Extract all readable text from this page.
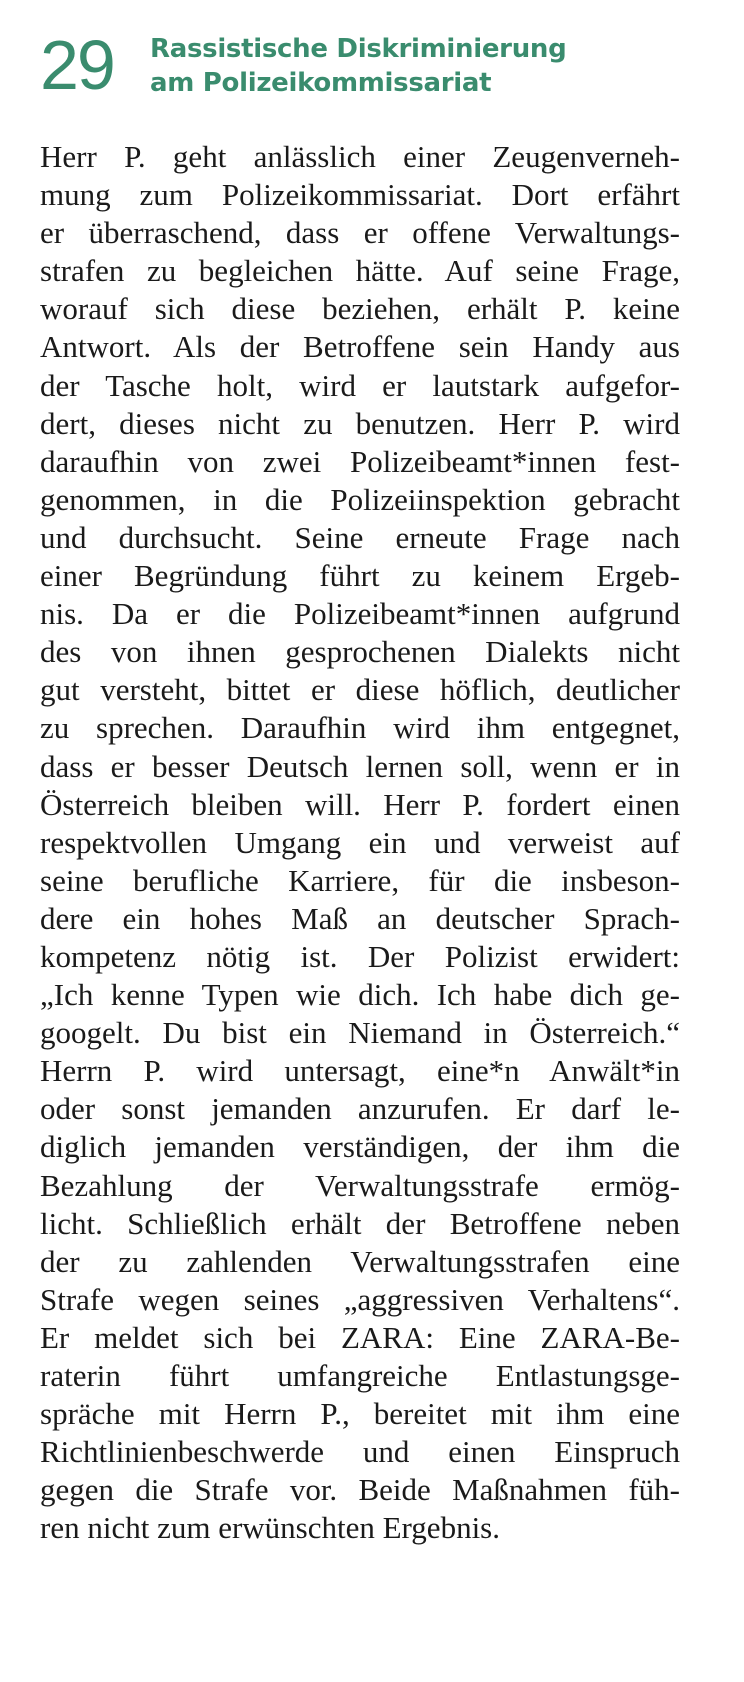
29	Rassistische Diskriminierung
am Polizeikommissariat
Herr P. geht anlässlich einer Zeugenverneh-
mung zum Polizeikommissariat. Dort erfährt
er überraschend, dass er offene Verwaltungs-
strafen zu begleichen hätte. Auf seine Frage,
worauf sich diese beziehen, erhält P. keine
Antwort. Als der Betroffene sein Handy aus
der Tasche holt, wird er lautstark aufgefor-
dert, dieses nicht zu benutzen. Herr P. wird
daraufhin von zwei Polizeibeamt*innen fest-
genommen, in die Polizeiinspektion gebracht
und durchsucht. Seine erneute Frage nach
einer Begründung führt zu keinem Ergeb-
nis. Da er die Polizeibeamt*innen aufgrund
des von ihnen gesprochenen Dialekts nicht
gut versteht, bittet er diese höflich, deutlicher
zu sprechen. Daraufhin wird ihm entgegnet,
dass er besser Deutsch lernen soll, wenn er in
Österreich bleiben will. Herr P. fordert einen
respektvollen Umgang ein und verweist auf
seine berufliche Karriere, für die insbeson-
dere ein hohes Maß an deutscher Sprach-
kompetenz nötig ist. Der Polizist erwidert:
„Ich kenne Typen wie dich. Ich habe dich ge-
googelt. Du bist ein Niemand in Österreich.“
Herrn P. wird untersagt, eine*n Anwält*in
oder sonst jemanden anzurufen. Er darf le-
diglich jemanden verständigen, der ihm die
Bezahlung der Verwaltungsstrafe ermög-
licht. Schließlich erhält der Betroffene neben
der zu zahlenden Verwaltungsstrafen eine
Strafe wegen seines „aggressiven Verhaltens“.
Er meldet sich bei ZARA: Eine ZARA-Be-
raterin führt umfangreiche Entlastungsge-
spräche mit Herrn P., bereitet mit ihm eine
Richtlinienbeschwerde und einen Einspruch
gegen die Strafe vor. Beide Maßnahmen füh-
ren nicht zum erwünschten Ergebnis.
